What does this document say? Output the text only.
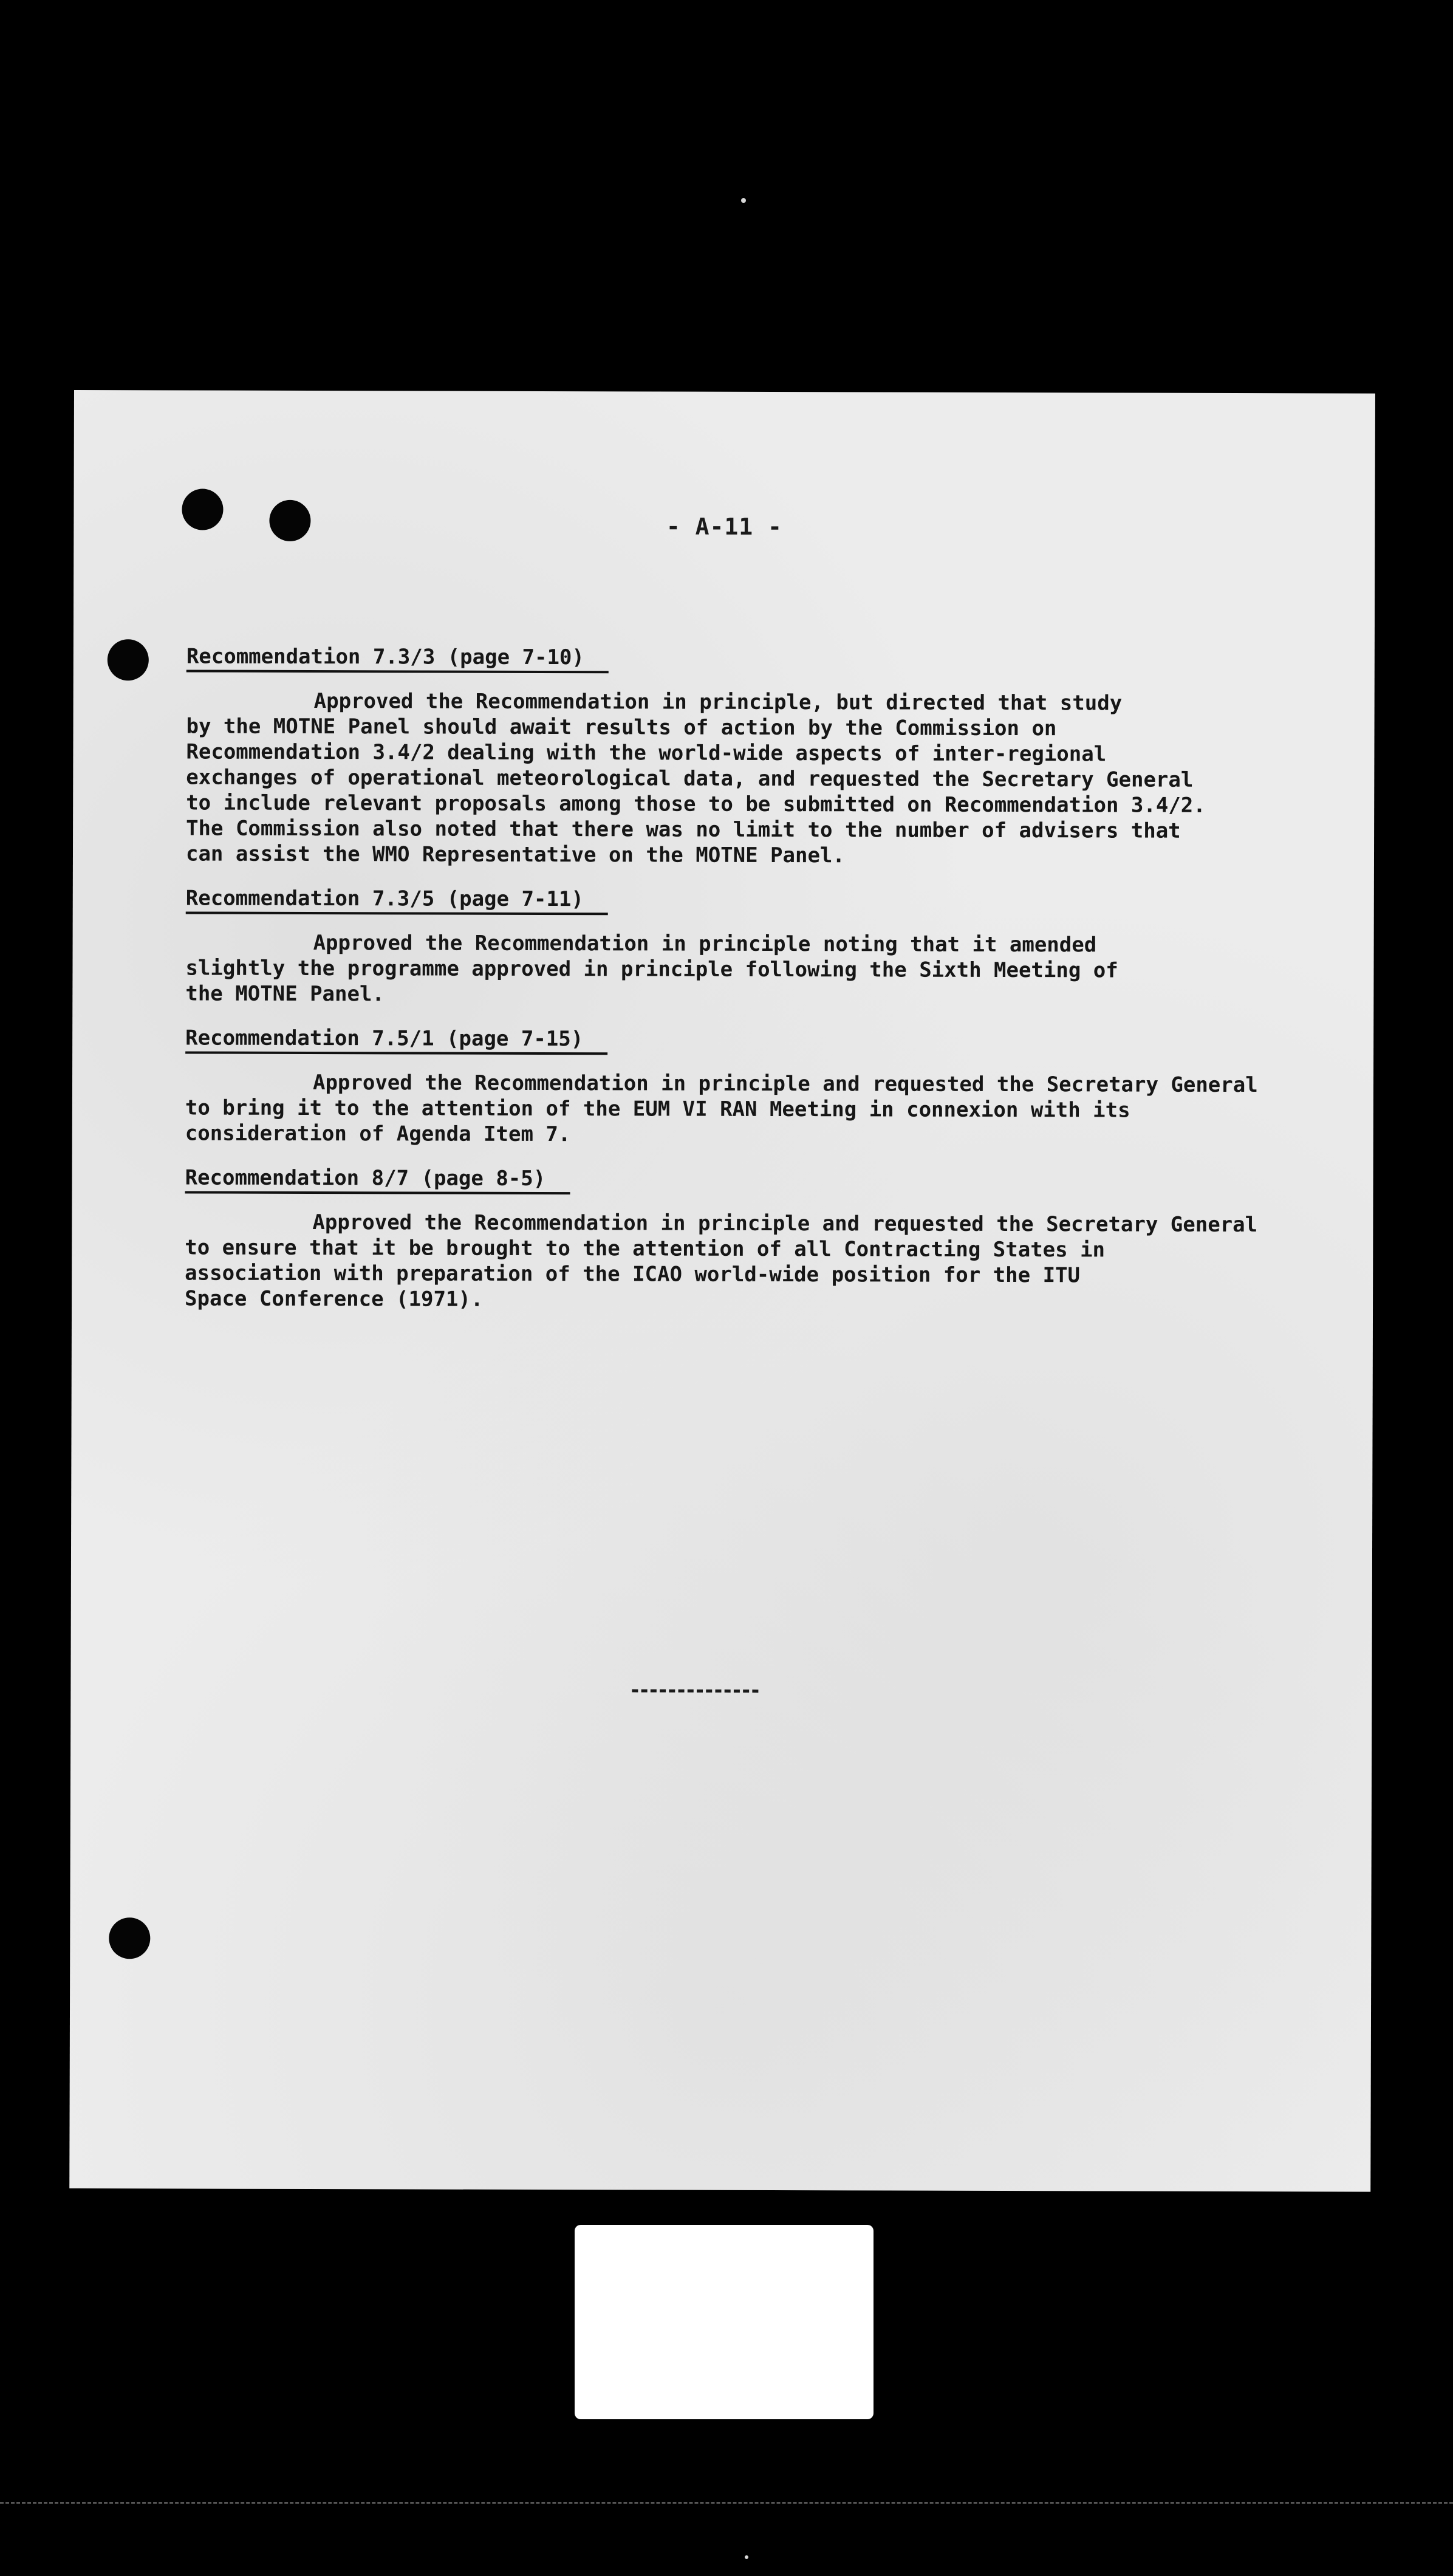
- A-11 -
Recommendation 7.3/3 (page 7-10)
Approved the Recommendation in principle, but directed that study
by the MOTNE Panel should await results of action by the Commission on
Recommendation 3.4/2 dealing with the world-wide aspects of inter-regional
exchanges of operational meteorological data, and requested the Secretary General
to include relevant proposals among those to be submitted on Recommendation 3.4/2.
The Commission also noted that there was no limit to the number of advisers that
can assist the WMO Representative on the MOTNE Panel.
Recommendation 7.3/5 (page 7-11)
Approved the Recommendation in principle noting that it amended
slightly the programme approved in principle following the Sixth Meeting of
the MOTNE Panel.
Recommendation 7.5/1 (page 7-15)
Approved the Recommendation in principle and requested the Secretary General
to bring it to the attention of the EUM VI RAN Meeting in connexion with its
consideration of Agenda Item 7.
Recommendation 8/7 (page 8-5)
Approved the Recommendation in principle and requested the Secretary General
to ensure that it be brought to the attention of all Contracting States in
association with preparation of the ICAO world-wide position for the ITU
Space Conference (1971).
